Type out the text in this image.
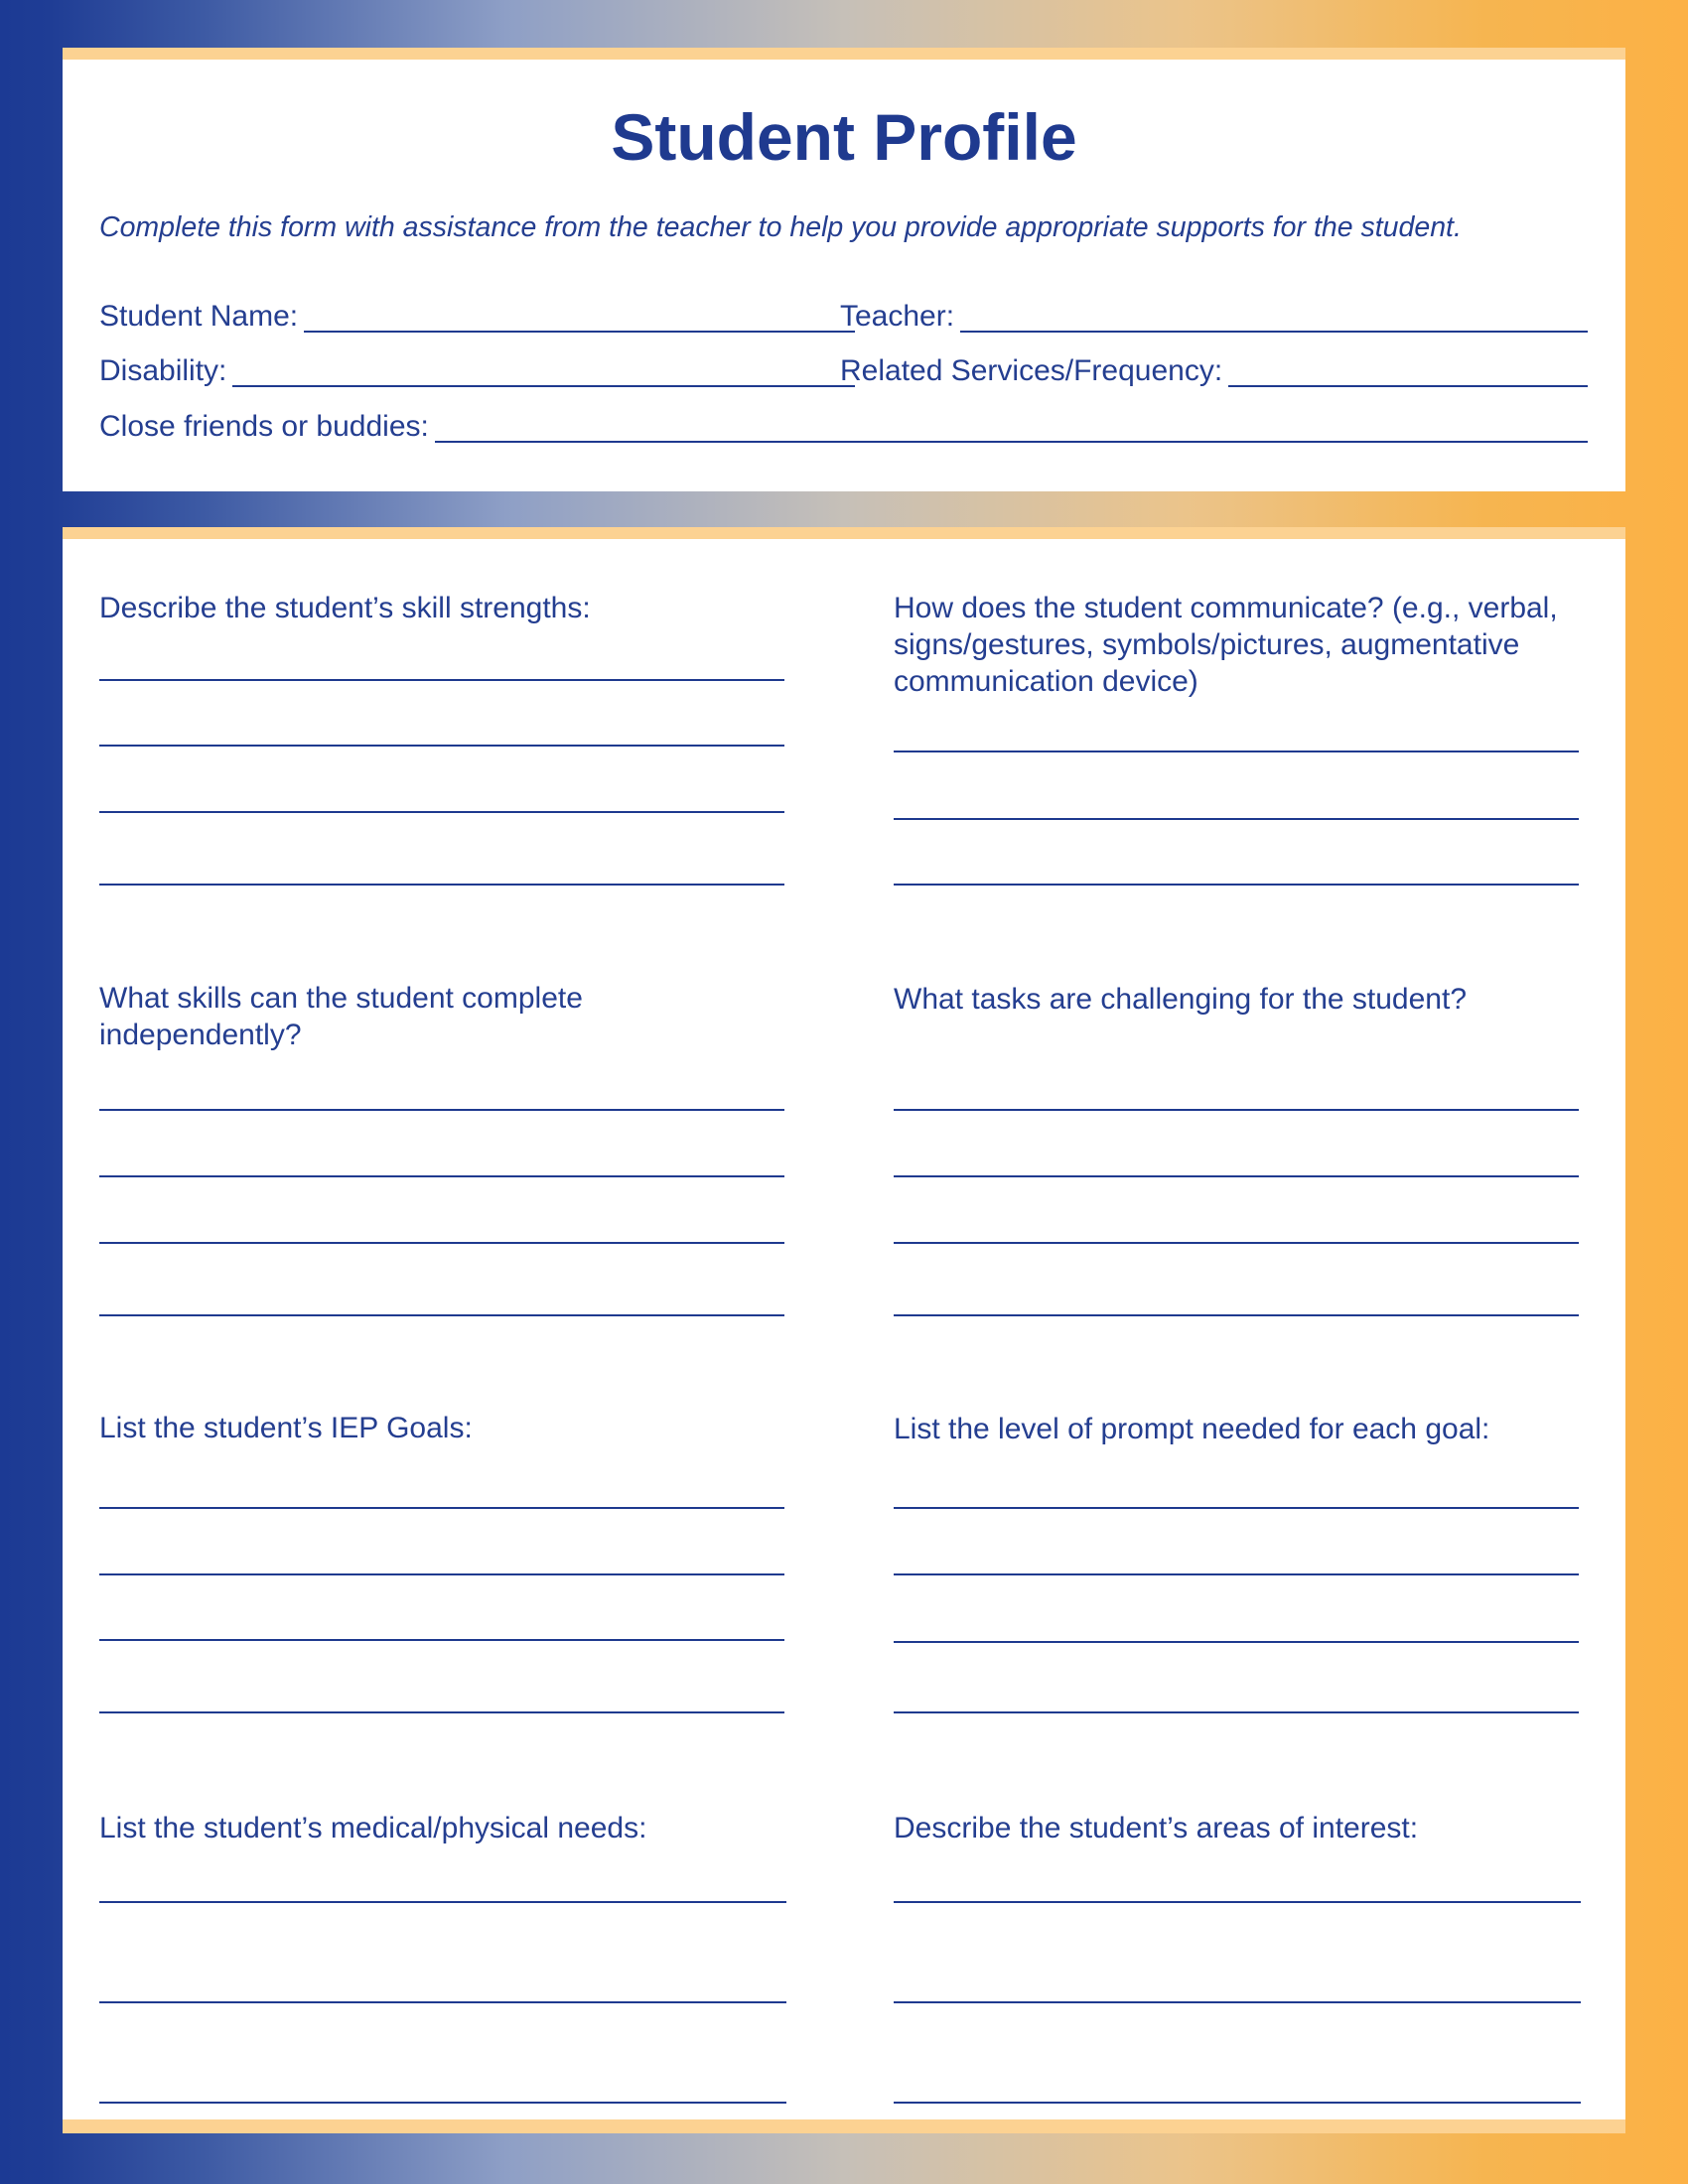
Student Profile
Complete this form with assistance from the teacher to help you provide appropriate supports for the student.
Student Name:	Teacher:
Disability:	Related Services/Frequency:
Close friends or buddies:
Describe the student’s skill strengths:	How does the student communicate? (e.g., verbal, signs/gestures, symbols/pictures, augmentative communication device)
What skills can the student complete independently?
What tasks are challenging for the student?
List the student’s IEP Goals:	List the level of prompt needed for each goal:
List the student’s medical/physical needs:	Describe the student’s areas of interest:
